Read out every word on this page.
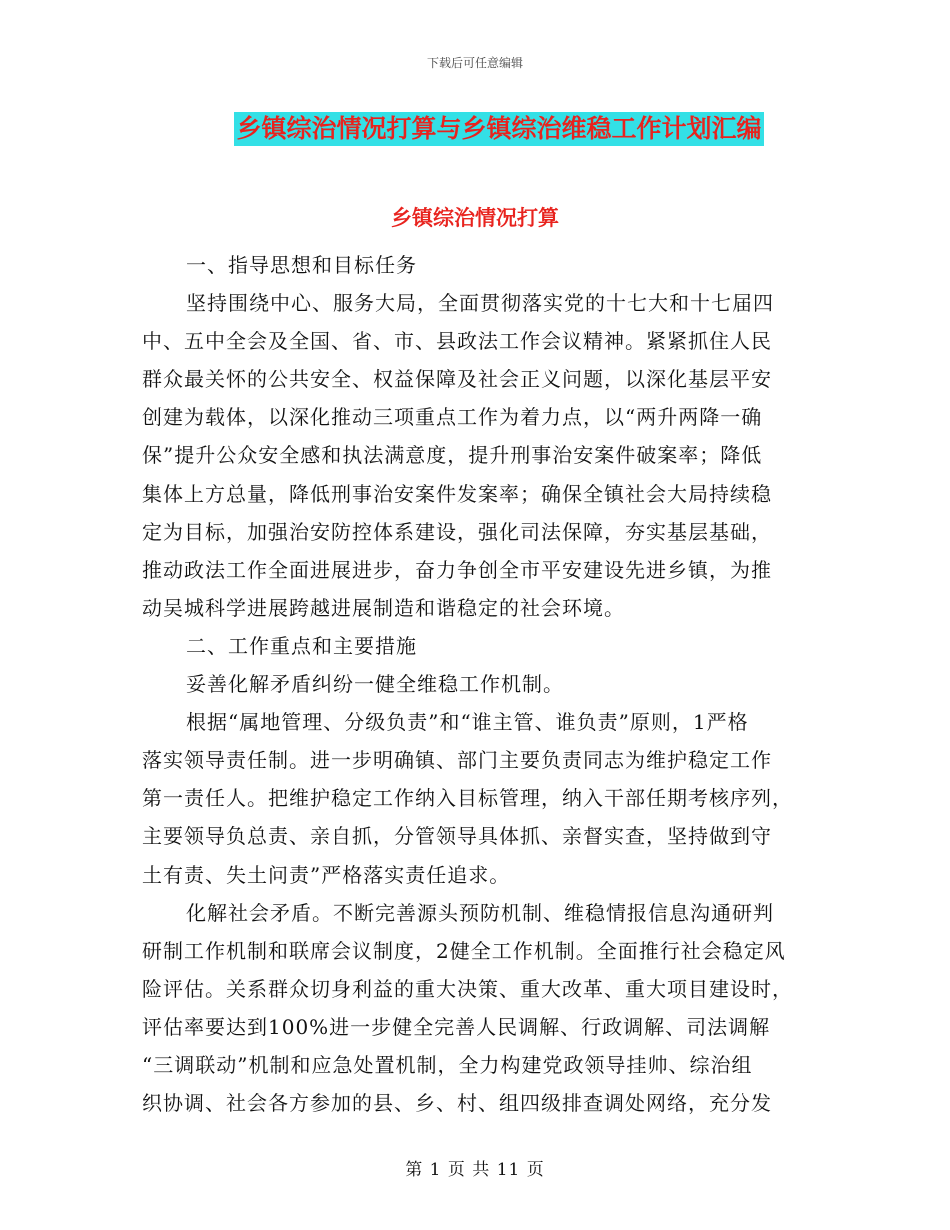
下载后可任意编辑
乡镇综治情况打算与乡镇综治维稳工作计划汇编
乡镇综治情况打算
一、指导思想和目标任务
坚持围绕中心、服务大局，全面贯彻落实党的十七大和十七届四
中、五中全会及全国、省、市、县政法工作会议精神。紧紧抓住人民
群众最关怀的公共安全、权益保障及社会正义问题，以深化基层平安
创建为载体，以深化推动三项重点工作为着力点，以“两升两降一确
保”提升公众安全感和执法满意度，提升刑事治安案件破案率；降低
集体上方总量，降低刑事治安案件发案率；确保全镇社会大局持续稳
定为目标，加强治安防控体系建设，强化司法保障，夯实基层基础，
推动政法工作全面进展进步，奋力争创全市平安建设先进乡镇，为推
动吴城科学进展跨越进展制造和谐稳定的社会环境。
二、工作重点和主要措施
妥善化解矛盾纠纷一健全维稳工作机制。
根据“属地管理、分级负责”和“谁主管、谁负责”原则，1严格
落实领导责任制。进一步明确镇、部门主要负责同志为维护稳定工作
第一责任人。把维护稳定工作纳入目标管理，纳入干部任期考核序列，
主要领导负总责、亲自抓，分管领导具体抓、亲督实查，坚持做到守
土有责、失土问责”严格落实责任追求。
化解社会矛盾。不断完善源头预防机制、维稳情报信息沟通研判
研制工作机制和联席会议制度，2健全工作机制。全面推行社会稳定风
险评估。关系群众切身利益的重大决策、重大改革、重大项目建设时，
评估率要达到100%进一步健全完善人民调解、行政调解、司法调解
“三调联动”机制和应急处置机制，全力构建党政领导挂帅、综治组
织协调、社会各方参加的县、乡、村、组四级排查调处网络，充分发
第 1 页 共 11 页
